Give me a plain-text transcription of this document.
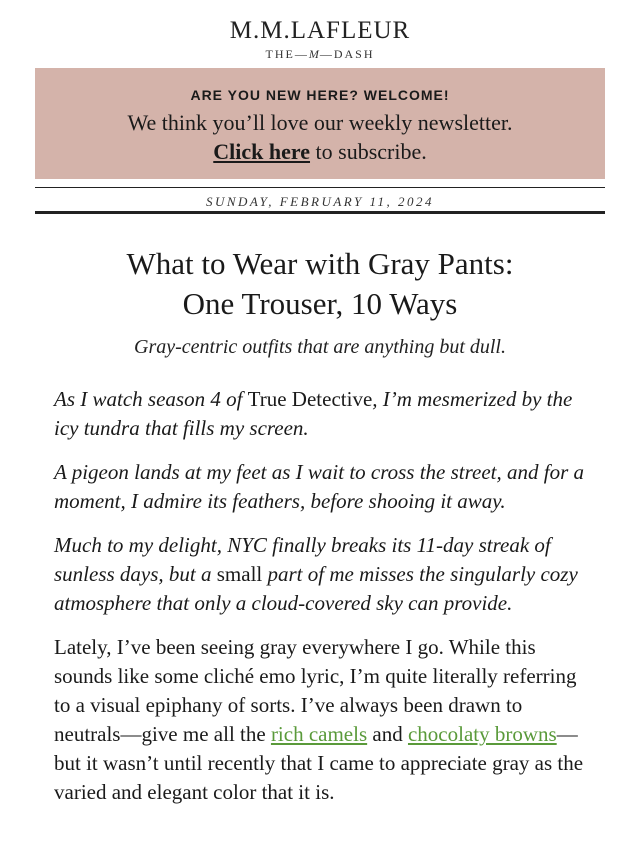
M.M.LAFLEUR
THE—M—DASH
ARE YOU NEW HERE? WELCOME!
We think you’ll love our weekly newsletter.
Click here to subscribe.
SUNDAY, FEBRUARY 11, 2024
What to Wear with Gray Pants:
One Trouser, 10 Ways
Gray-centric outfits that are anything but dull.

As I watch season 4 of True Detective, I’m mesmerized by the icy tundra that fills my screen.

A pigeon lands at my feet as I wait to cross the street, and for a moment, I admire its feathers, before shooing it away.

Much to my delight, NYC finally breaks its 11-day streak of sunless days, but a small part of me misses the singularly cozy atmosphere that only a cloud-covered sky can provide.

Lately, I’ve been seeing gray everywhere I go. While this sounds like some cliché emo lyric, I’m quite literally referring to a visual epiphany of sorts. I’ve always been drawn to neutrals—give me all the rich camels and chocolaty browns—but it wasn’t until recently that I came to appreciate gray as the varied and elegant color that it is.
